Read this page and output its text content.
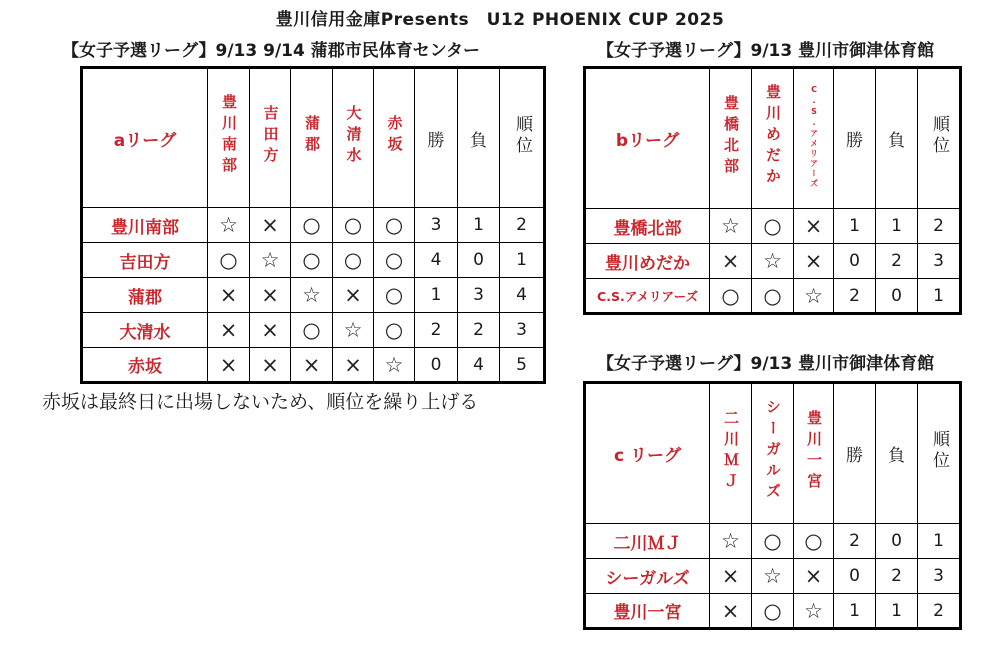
豊川信用金庫Presents　U12 PHOENIX CUP 2025
【女子予選リーグ】9/13 9/14 蒲郡市民体育センター
aリーグ	豊川南部	吉田方	蒲郡	大清水	赤坂	勝	負	順位
豊川南部	☆	×	○	○	○	3	1	2
吉田方	○	☆	○	○	○	4	0	1
蒲郡	×	×	☆	×	○	1	3	4
大清水	×	×	○	☆	○	2	2	3
赤坂	×	×	×	×	☆	0	4	5
赤坂は最終日に出場しないため、順位を繰り上げる
【女子予選リーグ】9/13 豊川市御津体育館
bリーグ	豊橋北部	豊川めだか	C.S.アメリアーズ	勝	負	順位
豊橋北部	☆	○	×	1	1	2
豊川めだか	×	☆	×	0	2	3
C.S.アメリアーズ	○	○	☆	2	0	1
【女子予選リーグ】9/13 豊川市御津体育館
c リーグ	二川ＭＪ	シーガルズ	豊川一宮	勝	負	順位
二川ＭＪ	☆	○	○	2	0	1
シーガルズ	×	☆	×	0	2	3
豊川一宮	×	○	☆	1	1	2
